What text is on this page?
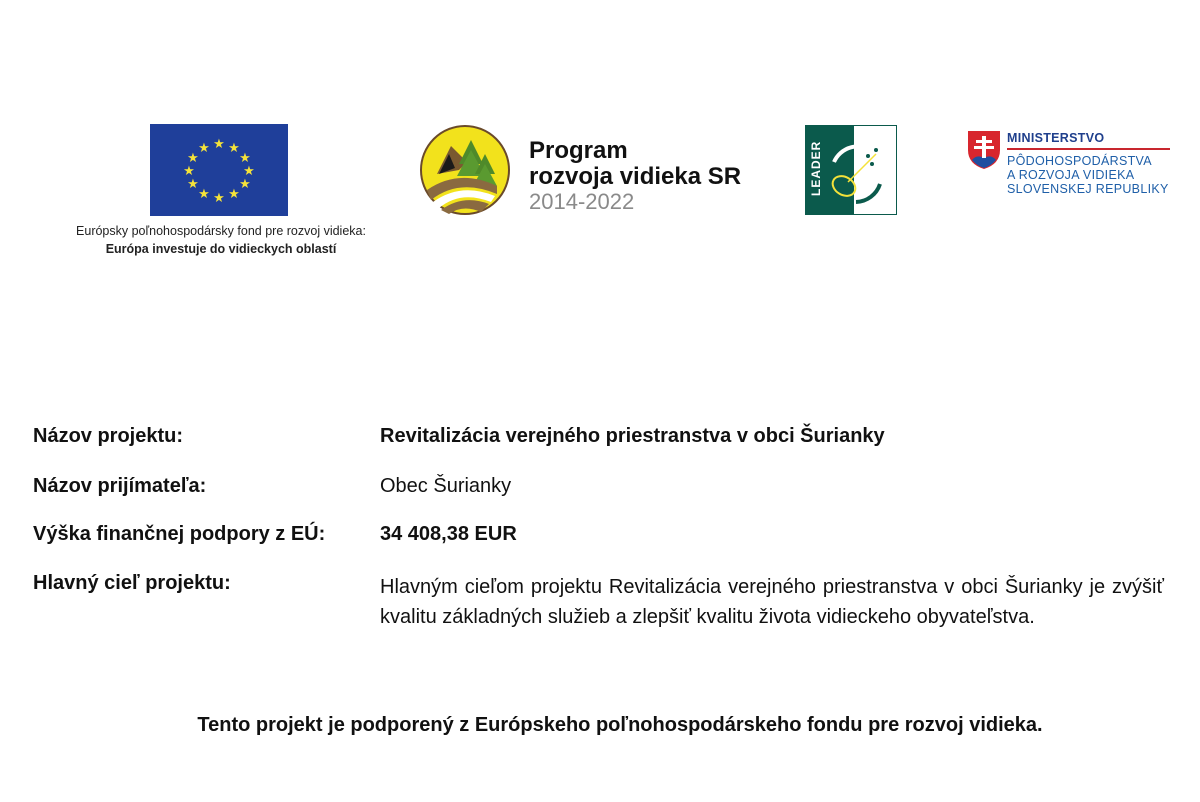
★ ★
★
★
★
★
★
★
★
★
★
★
Európsky poľnohospodársky fond pre rozvoj vidieka:
Európa investuje do vidieckych oblastí
Program
rozvoja vidieka SR
2014-2022
LEADER
MINISTERSTVO
PÔDOHOSPODÁRSTVA
A ROZVOJA VIDIEKA
SLOVENSKEJ REPUBLIKY
Názov projektu:	Revitalizácia verejného priestranstva v obci Šurianky
Názov prijímateľa:	Obec Šurianky
Výška finančnej podpory z EÚ:	34 408,38 EUR
Hlavný cieľ projektu:	Hlavným cieľom projektu Revitalizácia verejného priestranstva v obci Šurianky je zvýšiť kvalitu základných služieb a zlepšiť kvalitu života vidieckeho obyvateľstva.
Tento projekt je podporený z Európskeho poľnohospodárskeho fondu pre rozvoj vidieka.
